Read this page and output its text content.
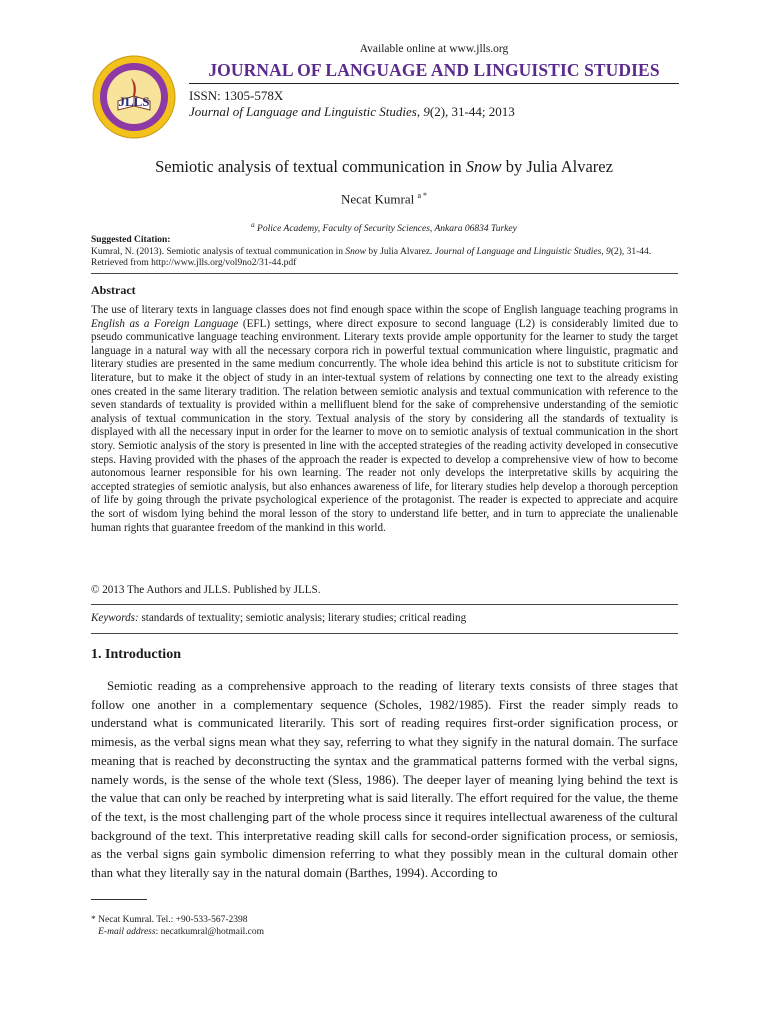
Available online at www.jlls.org
JLLS
JOURNAL OF LANGUAGE AND LINGUISTIC STUDIES
ISSN: 1305-578X
Journal of Language and Linguistic Studies, 9(2), 31-44; 2013
Semiotic analysis of textual communication in Snow by Julia Alvarez
Necat Kumral $^{a *}$
$^a$ Police Academy, Faculty of Security Sciences, Ankara 06834 Turkey
Suggested Citation:
Kumral, N. (2013). Semiotic analysis of textual communication in Snow by Julia Alvarez. Journal of Language and Linguistic Studies, 9(2), 31-44. Retrieved from http://www.jlls.org/vol9no2/31-44.pdf
Abstract
The use of literary texts in language classes does not find enough space within the scope of English language teaching programs in English as a Foreign Language (EFL) settings, where direct exposure to second language (L2) is considerably limited due to pseudo communicative language teaching environment. Literary texts provide ample opportunity for the learner to study the target language in a natural way with all the necessary corpora rich in powerful textual communication where linguistic, pragmatic and literary studies are presented in the same medium concurrently. The whole idea behind this article is not to substitute criticism for literature, but to make it the object of study in an inter-textual system of relations by connecting one text to the already existing ones created in the same literary tradition. The relation between semiotic analysis and textual communication with reference to the seven standards of textuality is provided within a mellifluent blend for the sake of comprehensive understanding of the semiotic analysis of textual communication in the story. Textual analysis of the story by considering all the standards of textuality is displayed with all the necessary input in order for the learner to move on to semiotic analysis of textual communication in the short story. Semiotic analysis of the story is presented in line with the accepted strategies of the reading activity developed in consecutive steps. Having provided with the phases of the approach the reader is expected to develop a comprehensive view of how to become autonomous learner responsible for his own learning. The reader not only develops the interpretative skills by acquiring the accepted strategies of semiotic analysis, but also enhances awareness of life, for literary studies help develop a thorough perception of life by going through the private psychological experience of the protagonist. The reader is expected to appreciate and acquire the sort of wisdom lying behind the moral lesson of the story to understand life better, and in turn to appreciate the unalienable human rights that guarantee freedom of the mankind in this world.
© 2013 The Authors and JLLS. Published by JLLS.
Keywords: standards of textuality; semiotic analysis; literary studies; critical reading
1. Introduction
Semiotic reading as a comprehensive approach to the reading of literary texts consists of three stages that follow one another in a complementary sequence (Scholes, 1982/1985). First the reader simply reads to understand what is communicated literarily. This sort of reading requires first-order signification process, or mimesis, as the verbal signs mean what they say, referring to what they signify in the natural domain. The surface meaning that is reached by deconstructing the syntax and the grammatical patterns formed with the verbal signs, namely words, is the sense of the whole text (Sless, 1986). The deeper layer of meaning lying behind the text is the value that can only be reached by interpreting what is said literally. The effort required for the value, the theme of the text, is the most challenging part of the whole process since it requires intellectual awareness of the cultural background of the text. This interpretative reading skill calls for second-order signification process, or semiosis, as the verbal signs gain symbolic dimension referring to what they possibly mean in the cultural domain other than what they literally say in the natural domain (Barthes, 1994). According to
* Necat Kumral. Tel.: +90-533-567-2398
E-mail address: necatkumral@hotmail.com
